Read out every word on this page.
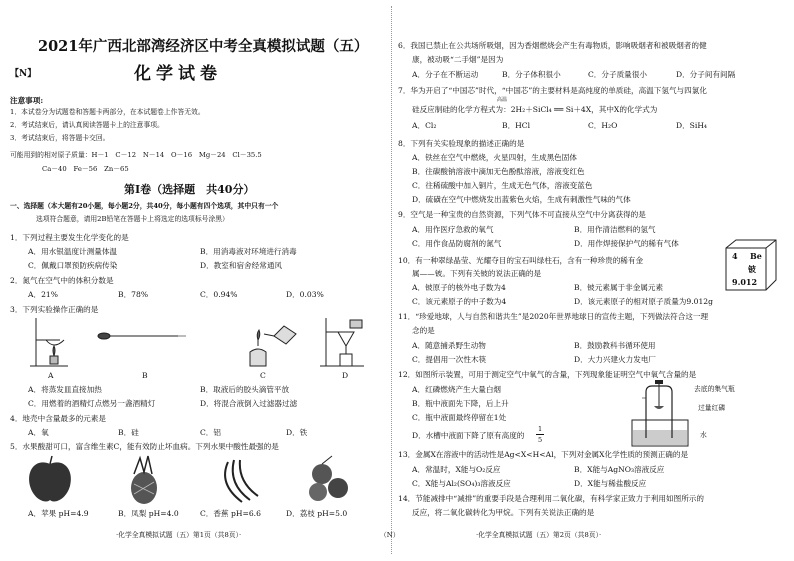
2021年广西北部湾经济区中考全真模拟试题（五）
【N】	化学试卷
注意事项:
1．本试卷分为试题卷和答题卡两部分，在本试题卷上作答无效。
2．考试结束后，请认真阅读答题卡上的注意事项。
3．考试结束后，将答题卡交回。
可能用到的相对原子质量：H－1　C－12　N－14　O－16　Mg－24　Cl－35.5
Ca－40　Fe－56　Zn－65
第Ⅰ卷（选择题　共40分）
一、选择题（本大题有20小题，每小题2分，共40分，每小题有四个选项，其中只有一个
选项符合题意，请用2B铅笔在答题卡上将选定的选项标号涂黑）
1．下列过程主要发生化学变化的是
A．用水银温度计测量体温	B．用消毒液对环境进行消毒
C．佩戴口罩预防疾病传染	D．教室和宿舍经常通风
2．氮气在空气中的体积分数是
A．21%	B．78%	C．0.94%	D．0.03%
3．下列实验操作正确的是
A	B	C	D
A．将蒸发皿直接加热	B．取液后的胶头滴管平放
C．用燃着的酒精灯点燃另一盏酒精灯	D．将混合液倒入过滤器过滤
4．地壳中含量最多的元素是
A．氧	B．硅	C．铝	D．铁
5．水果酸甜可口，富含维生素C，能有效防止坏血病。下列水果中酸性最强的是
A．苹果 pH=4.9	B．凤梨 pH=4.0	C．香蕉 pH=6.6	D．荔枝 pH=5.0
·化学全真模拟试题（五）第1页（共8页）·	（N）
6．我国已禁止在公共场所吸烟，因为香烟燃烧会产生有毒物质，影响吸烟者和被吸烟者的健
康，被动吸“二手烟”是因为
A．分子在不断运动	B．分子体积很小	C．分子质量很小	D．分子间有间隔
7．华为开启了“中国芯”时代，“中国芯”的主要材料是高纯度的单质硅，高温下氢气与四氯化
高温
硅反应制硅的化学方程式为：2H₂＋SiCl₄ ══ Si＋4X，其中X的化学式为
A．Cl₂	B．HCl	C．H₂O	D．SiH₄
8．下列有关实验现象的描述正确的是
A．铁丝在空气中燃烧，火星四射，生成黑色固体
B．往碳酸钠溶液中滴加无色酚酞溶液，溶液变红色
C．往稀硫酸中加入铜片，生成无色气体，溶液变蓝色
D．硫磺在空气中燃烧发出蓝紫色火焰，生成有刺激性气味的气体
9．空气是一种宝贵的自然资源，下列气体不可直接从空气中分离获得的是
A．用作医疗急救的氧气	B．用作清洁燃料的氢气
C．用作食品防腐剂的氮气	D．用作焊接保护气的稀有气体
10．有一种翠绿晶莹、光耀夺目的宝石叫绿柱石，含有一种珍贵的稀有金
属——铍。下列有关铍的说法正确的是
A．铍原子的核外电子数为4	B．铍元素属于非金属元素
C．该元素原子的中子数为4	D．该元素原子的相对原子质量为9.012g
4 Be
铍
9.012
11．“珍爱地球，人与自然和谐共生”是2020年世界地球日的宣传主题，下列做法符合这一理
念的是
A．随意捕杀野生动物	B．鼓励教科书循环使用
C．提倡用一次性木筷	D．大力兴建火力发电厂
12．如图所示装置，可用于测定空气中氧气的含量，下列现象能证明空气中氧气含量的是
A．红磷燃烧产生大量白烟
B．瓶中液面先下降，后上升
C．瓶中液面最终停留在1处
D．水槽中液面下降了原有高度的
1
5
去底的集气瓶
过量红磷
水
13．金属X在溶液中的活动性是Ag<X<H<Al，下列对金属X化学性质的预测正确的是
A．常温时，X能与O₂反应	B．X能与AgNO₃溶液反应
C．X能与Al₂(SO₄)₃溶液反应	D．X能与稀盐酸反应
14．节能减排中“减排”的重要手段是合理利用二氧化碳，有科学家正致力于利用如图所示的
反应，将二氧化碳转化为甲烷。下列有关说法正确的是
·化学全真模拟试题（五）第2页（共8页）·
